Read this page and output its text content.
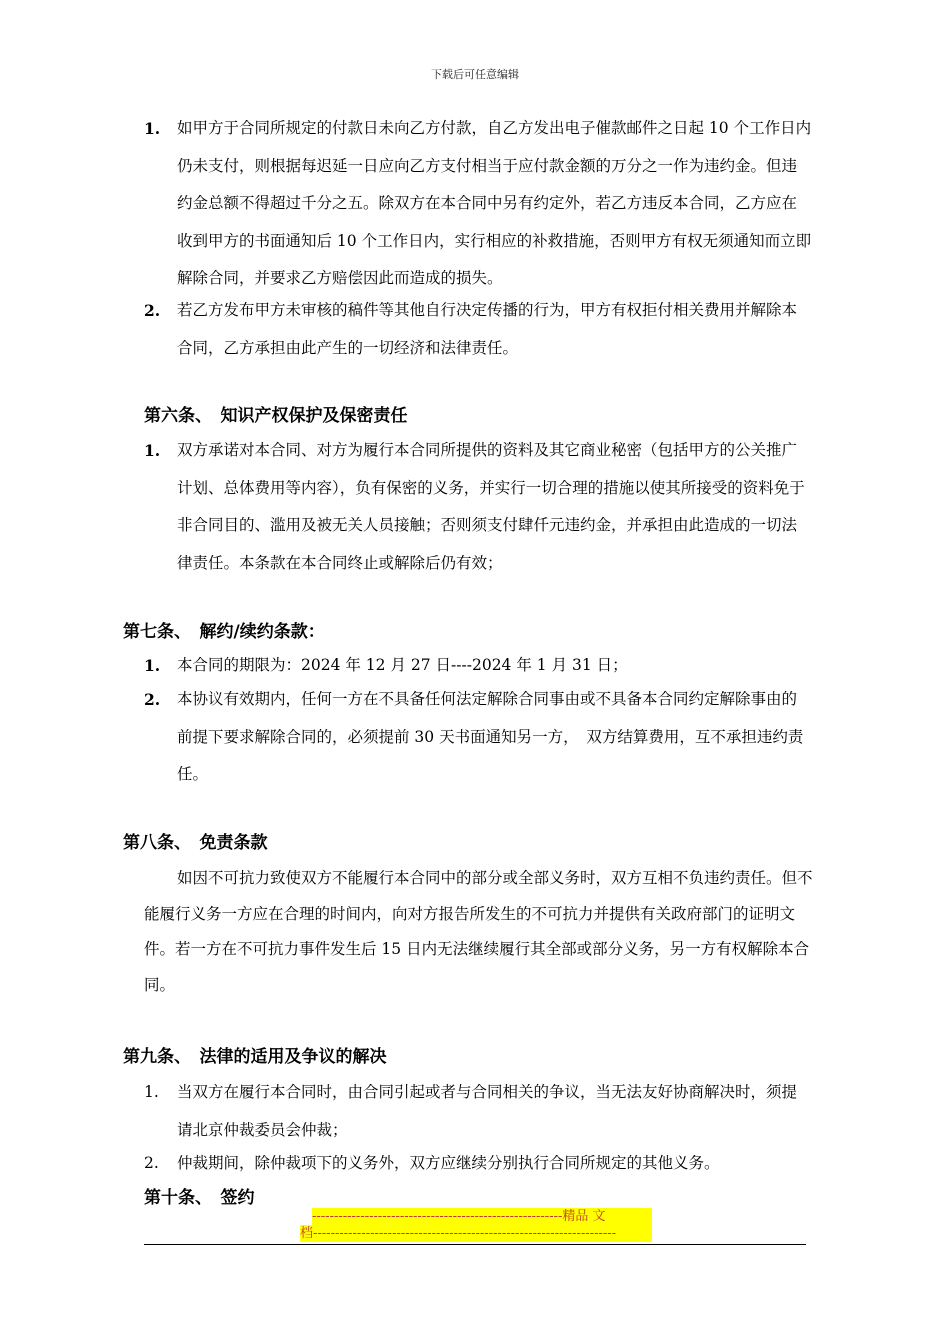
下载后可任意编辑
1.	如甲方于合同所规定的付款日未向乙方付款，自乙方发出电子催款邮件之日起 10 个工作日内仍未支付，则根据每迟延一日应向乙方支付相当于应付款金额的万分之一作为违约金。但违约金总额不得超过千分之五。除双方在本合同中另有约定外，若乙方违反本合同，乙方应在收到甲方的书面通知后 10 个工作日内，实行相应的补救措施，否则甲方有权无须通知而立即解除合同，并要求乙方赔偿因此而造成的损失。
2.	若乙方发布甲方未审核的稿件等其他自行决定传播的行为，甲方有权拒付相关费用并解除本合同，乙方承担由此产生的一切经济和法律责任。
第六条、　知识产权保护及保密责任
1.	双方承诺对本合同、对方为履行本合同所提供的资料及其它商业秘密（包括甲方的公关推广计划、总体费用等内容），负有保密的义务，并实行一切合理的措施以使其所接受的资料免于非合同目的、滥用及被无关人员接触；否则须支付肆仟元违约金，并承担由此造成的一切法律责任。本条款在本合同终止或解除后仍有效；
第七条、　解约/续约条款：
1.	本合同的期限为：2024 年 12 月 27 日----2024 年 1 月 31 日；
2.	本协议有效期内，任何一方在不具备任何法定解除合同事由或不具备本合同约定解除事由的前提下要求解除合同的，必须提前 30 天书面通知另一方，　双方结算费用，互不承担违约责任。
第八条、　免责条款
如因不可抗力致使双方不能履行本合同中的部分或全部义务时，双方互相不负违约责任。但不能履行义务一方应在合理的时间内，向对方报告所发生的不可抗力并提供有关政府部门的证明文件。若一方在不可抗力事件发生后 15 日内无法继续履行其全部或部分义务，另一方有权解除本合同。
第九条、　法律的适用及争议的解决
1.	当双方在履行本合同时，由合同引起或者与合同相关的争议，当无法友好协商解决时，须提请北京仲裁委员会仲裁；
2.	仲裁期间，除仲裁项下的义务外，双方应继续分别执行合同所规定的其他义务。
第十条、　签约
---------------------------------------------------------精品 文
档---------------------------------------------------------------------
